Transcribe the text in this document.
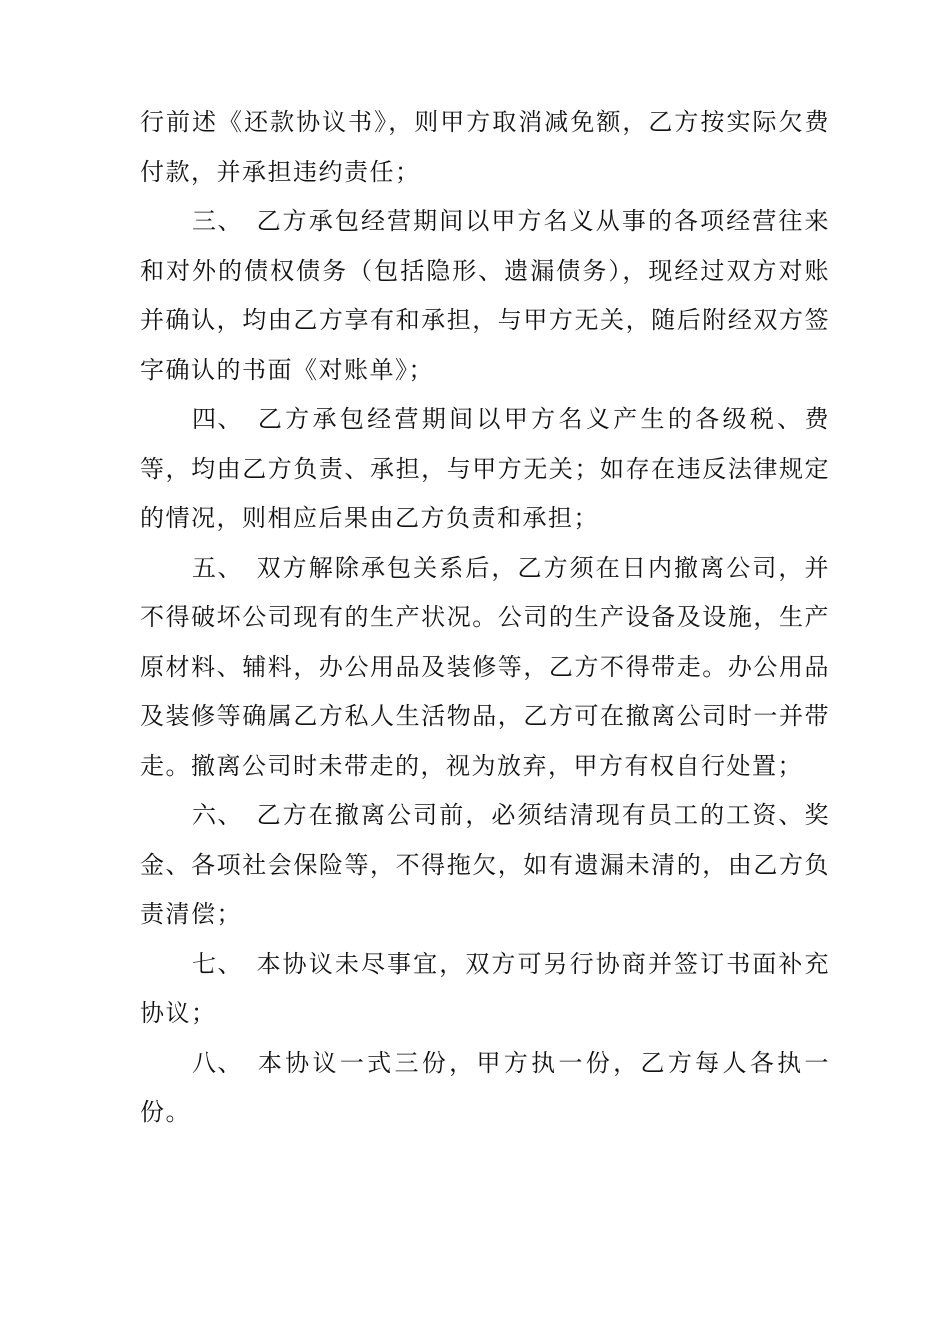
行前述《还款协议书》，则甲方取消减免额，乙方按实际欠费付款，并承担违约责任；

三、 乙方承包经营期间以甲方名义从事的各项经营往来和对外的债权债务（包括隐形、遗漏债务），现经过双方对账并确认，均由乙方享有和承担，与甲方无关，随后附经双方签字确认的书面《对账单》；

四、 乙方承包经营期间以甲方名义产生的各级税、费等，均由乙方负责、承担，与甲方无关；如存在违反法律规定的情况，则相应后果由乙方负责和承担；

五、 双方解除承包关系后，乙方须在日内撤离公司，并不得破坏公司现有的生产状况。公司的生产设备及设施，生产原材料、辅料，办公用品及装修等，乙方不得带走。办公用品及装修等确属乙方私人生活物品，乙方可在撤离公司时一并带走。撤离公司时未带走的，视为放弃，甲方有权自行处置；

六、 乙方在撤离公司前，必须结清现有员工的工资、奖金、各项社会保险等，不得拖欠，如有遗漏未清的，由乙方负责清偿；

七、 本协议未尽事宜，双方可另行协商并签订书面补充协议；

八、 本协议一式三份，甲方执一份，乙方每人各执一份。
